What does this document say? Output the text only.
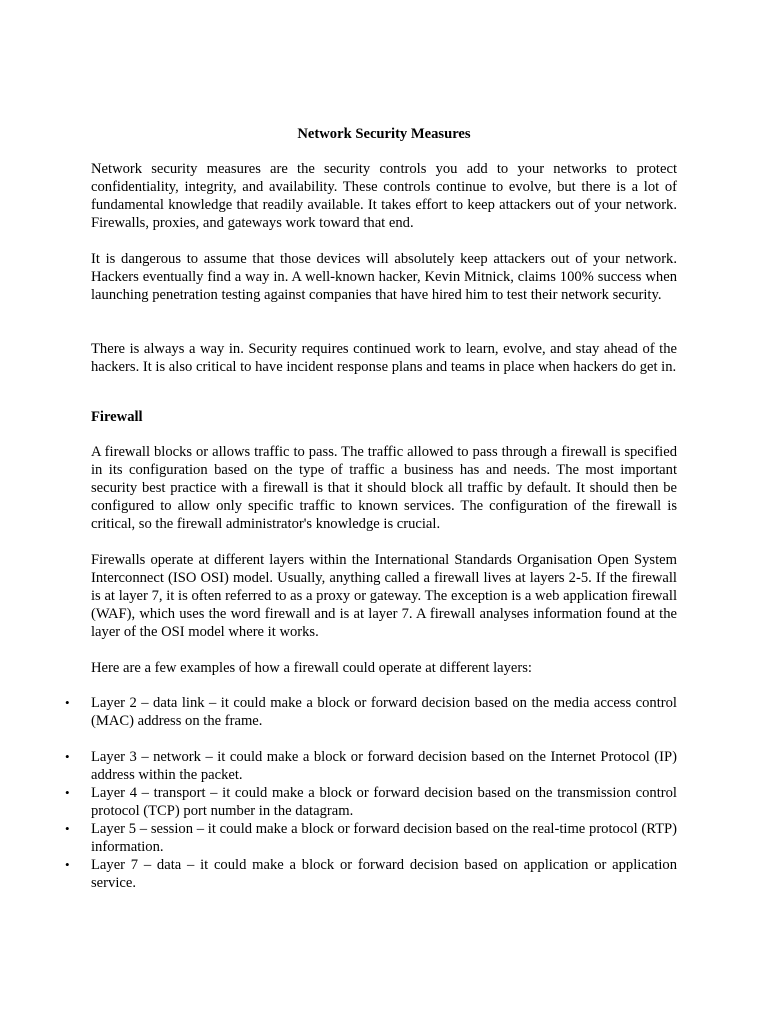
Network Security Measures

Network security measures are the security controls you add to your networks to protect confidentiality, integrity, and availability. These controls continue to evolve, but there is a lot of fundamental knowledge that readily available. It takes effort to keep attackers out of your network. Firewalls, proxies, and gateways work toward that end.

It is dangerous to assume that those devices will absolutely keep attackers out of your network. Hackers eventually find a way in. A well-known hacker, Kevin Mitnick, claims 100% success when launching penetration testing against companies that have hired him to test their network security.

There is always a way in. Security requires continued work to learn, evolve, and stay ahead of the hackers. It is also critical to have incident response plans and teams in place when hackers do get in.

Firewall

A firewall blocks or allows traffic to pass. The traffic allowed to pass through a firewall is specified in its configuration based on the type of traffic a business has and needs. The most important security best practice with a firewall is that it should block all traffic by default. It should then be configured to allow only specific traffic to known services. The configuration of the firewall is critical, so the firewall administrator's knowledge is crucial.

Firewalls operate at different layers within the International Standards Organisation Open System Interconnect (ISO OSI) model. Usually, anything called a firewall lives at layers 2-5. If the firewall is at layer 7, it is often referred to as a proxy or gateway. The exception is a web application firewall (WAF), which uses the word firewall and is at layer 7. A firewall analyses information found at the layer of the OSI model where it works.

Here are a few examples of how a firewall could operate at different layers:

• Layer 2 – data link – it could make a block or forward decision based on the media access control (MAC) address on the frame.
• Layer 3 – network – it could make a block or forward decision based on the Internet Protocol (IP) address within the packet.
• Layer 4 – transport – it could make a block or forward decision based on the transmission control protocol (TCP) port number in the datagram.
• Layer 5 – session – it could make a block or forward decision based on the real-time protocol (RTP) information.
• Layer 7 – data – it could make a block or forward decision based on application or application service.
